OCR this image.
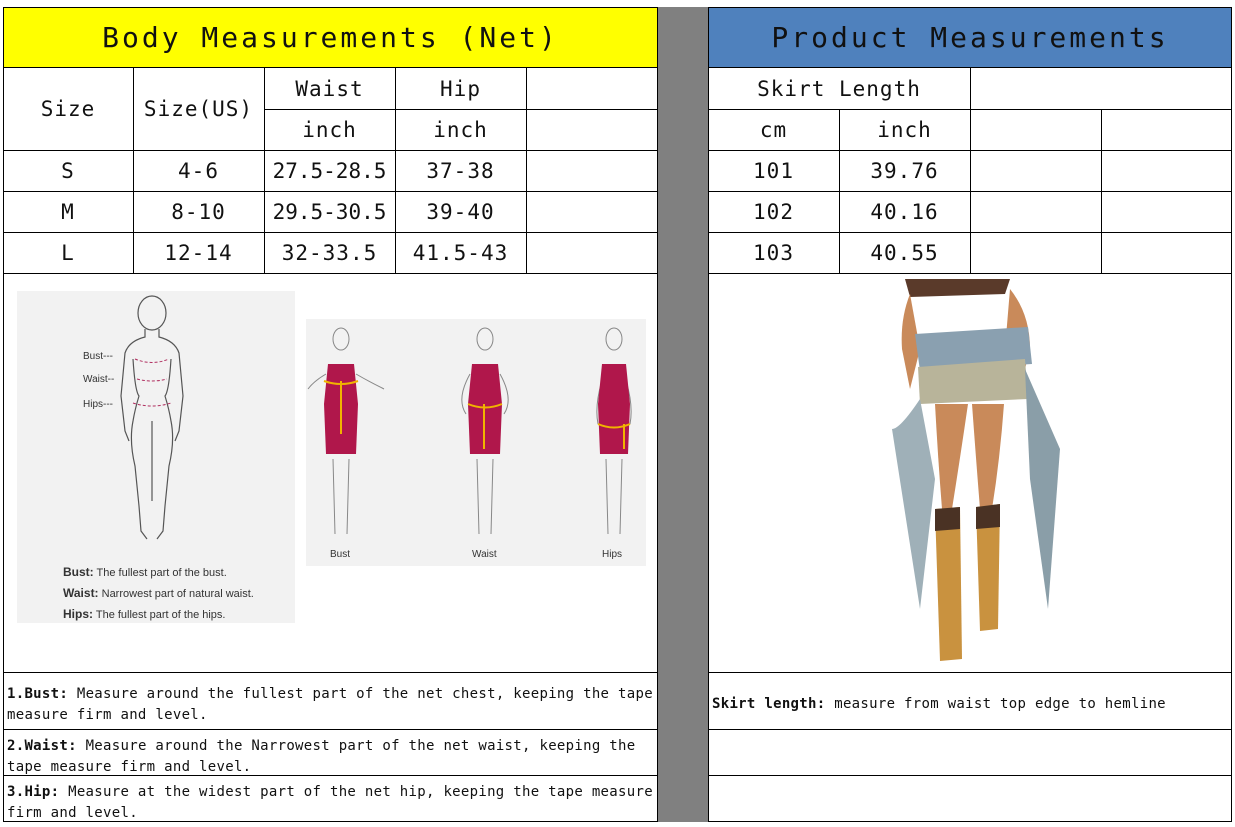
Body Measurements (Net)	Product Measurements
Size	Size(US)
Waist	Hip
inch	inch
S	4-6	27.5-28.5	37-38
M	8-10	29.5-30.5	39-40
L	12-14	32-33.5	41.5-43
Skirt Length
cm	inch
101	39.76
102	40.16
103	40.55
Bust---
Waist--
Hips---
Bust: The fullest part of the bust.
Waist: Narrowest part of natural waist.
Hips: The fullest part of the hips.
Bust	Waist	Hips
1.Bust: Measure around the fullest part of the net chest, keeping the tape measure firm and level.
2.Waist: Measure around the Narrowest part of the net waist, keeping the tape measure firm and level.
3.Hip: Measure at the widest part of the net hip, keeping the tape measure firm and level.
Skirt length: measure from waist top edge to hemline
